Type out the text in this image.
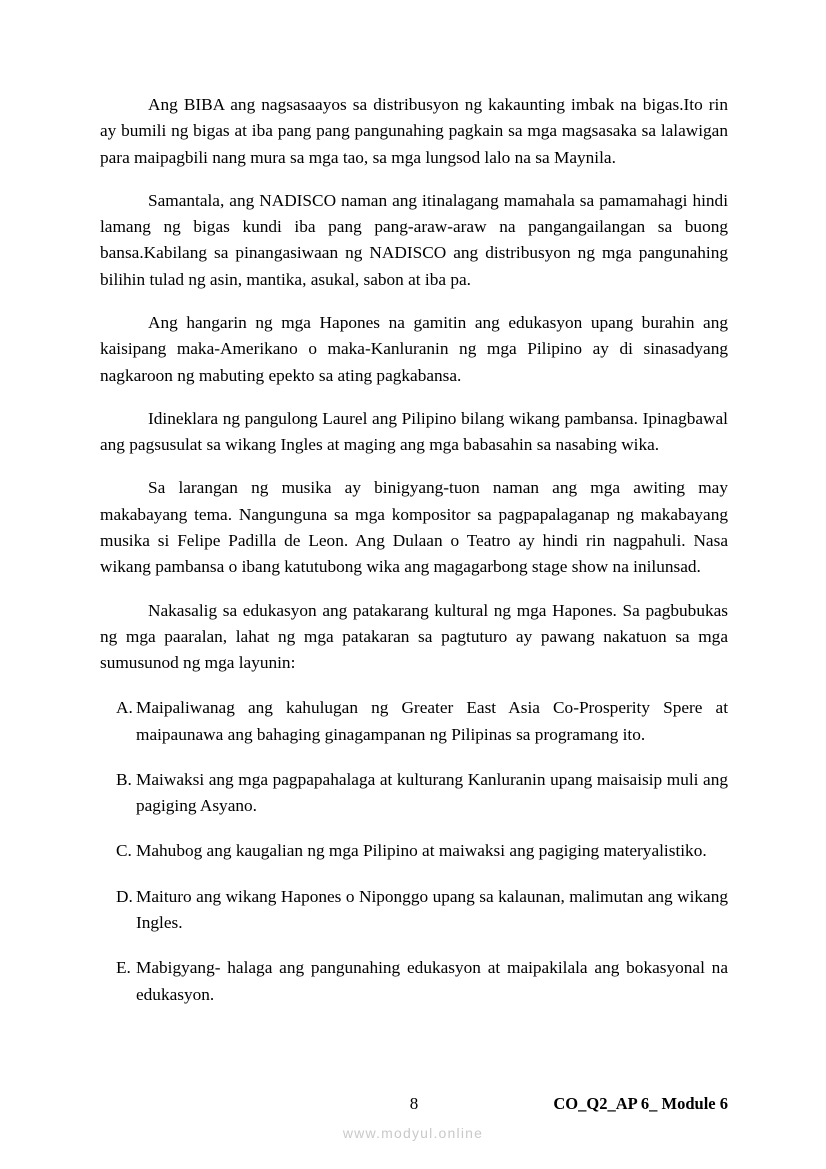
Ang BIBA ang nagsasaayos sa distribusyon ng kakaunting imbak na bigas.Ito rin ay bumili ng bigas at iba pang pang pangunahing pagkain sa mga magsasaka sa lalawigan para maipagbili nang mura sa mga tao, sa mga lungsod lalo na sa Maynila.

Samantala, ang NADISCO naman ang itinalagang mamahala sa pamamahagi hindi lamang ng bigas kundi iba pang pang-araw-araw na pangangailangan sa buong bansa.Kabilang sa pinangasiwaan ng NADISCO ang distribusyon ng mga pangunahing bilihin tulad ng asin, mantika, asukal, sabon at iba pa.

Ang hangarin ng mga Hapones na gamitin ang edukasyon upang burahin ang kaisipang maka-Amerikano o maka-Kanluranin ng mga Pilipino ay di sinasadyang nagkaroon ng mabuting epekto sa ating pagkabansa.

Idineklara ng pangulong Laurel ang Pilipino bilang wikang pambansa. Ipinagbawal ang pagsusulat sa wikang Ingles at maging ang mga babasahin sa nasabing wika.

Sa larangan ng musika ay binigyang-tuon naman ang mga awiting may makabayang tema. Nangunguna sa mga kompositor sa pagpapalaganap ng makabayang musika si Felipe Padilla de Leon. Ang Dulaan o Teatro ay hindi rin nagpahuli. Nasa wikang pambansa o ibang katutubong wika ang magagarbong stage show na inilunsad.

Nakasalig sa edukasyon ang patakarang kultural ng mga Hapones. Sa pagbubukas ng mga paaralan, lahat ng mga patakaran sa pagtuturo ay pawang nakatuon sa mga sumusunod ng mga layunin:

A. Maipaliwanag ang kahulugan ng Greater East Asia Co-Prosperity Spere at maipaunawa ang bahaging ginagampanan ng Pilipinas sa programang ito.
B. Maiwaksi ang mga pagpapahalaga at kulturang Kanluranin upang maisaisip muli ang pagiging Asyano.
C. Mahubog ang kaugalian ng mga Pilipino at maiwaksi ang pagiging materyalistiko.
D. Maituro ang wikang Hapones o Niponggo upang sa kalaunan, malimutan ang wikang Ingles.
E. Mabigyang- halaga ang pangunahing edukasyon at maipakilala ang bokasyonal na edukasyon.
8	CO_Q2_AP 6_ Module 6
www.modyul.online
